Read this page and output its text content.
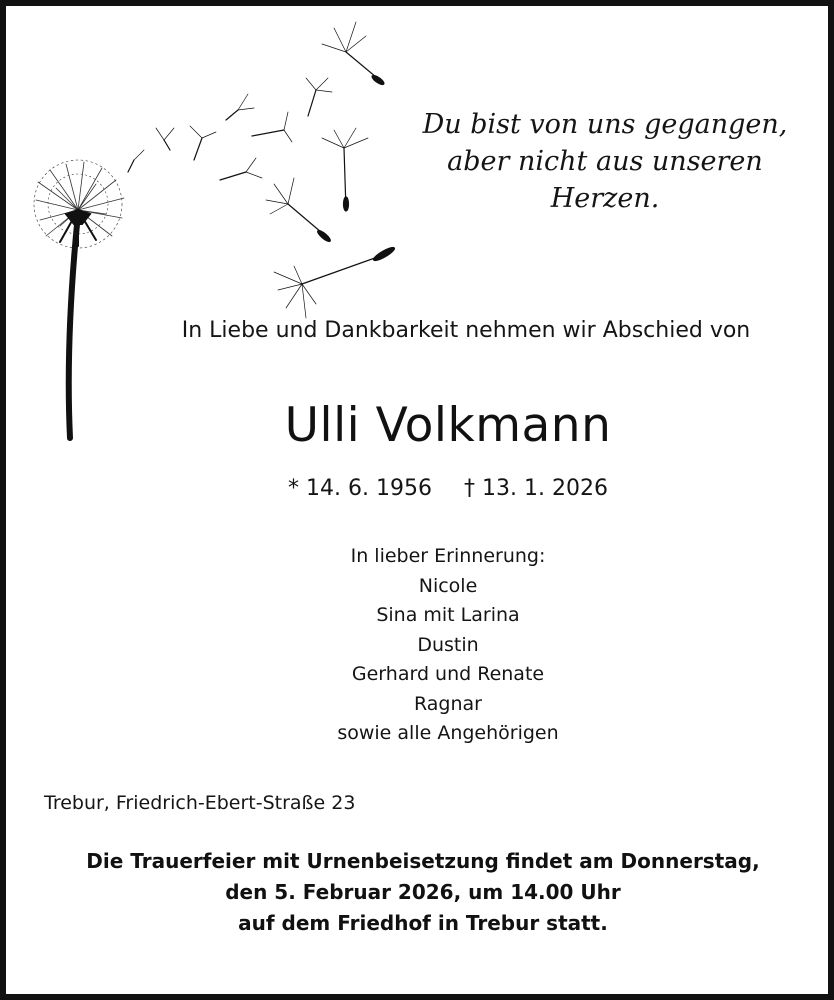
Du bist von uns gegangen,
aber nicht aus unseren
Herzen.
In Liebe und Dankbarkeit nehmen wir Abschied von
Ulli Volkmann
* 14. 6. 1956 † 13. 1. 2026
In lieber Erinnerung:
Nicole
Sina mit Larina
Dustin
Gerhard und Renate
Ragnar
sowie alle Angehörigen
Trebur, Friedrich-Ebert-Straße 23
Die Trauerfeier mit Urnenbeisetzung findet am Donnerstag,
den 5. Februar 2026, um 14.00 Uhr
auf dem Friedhof in Trebur statt.
